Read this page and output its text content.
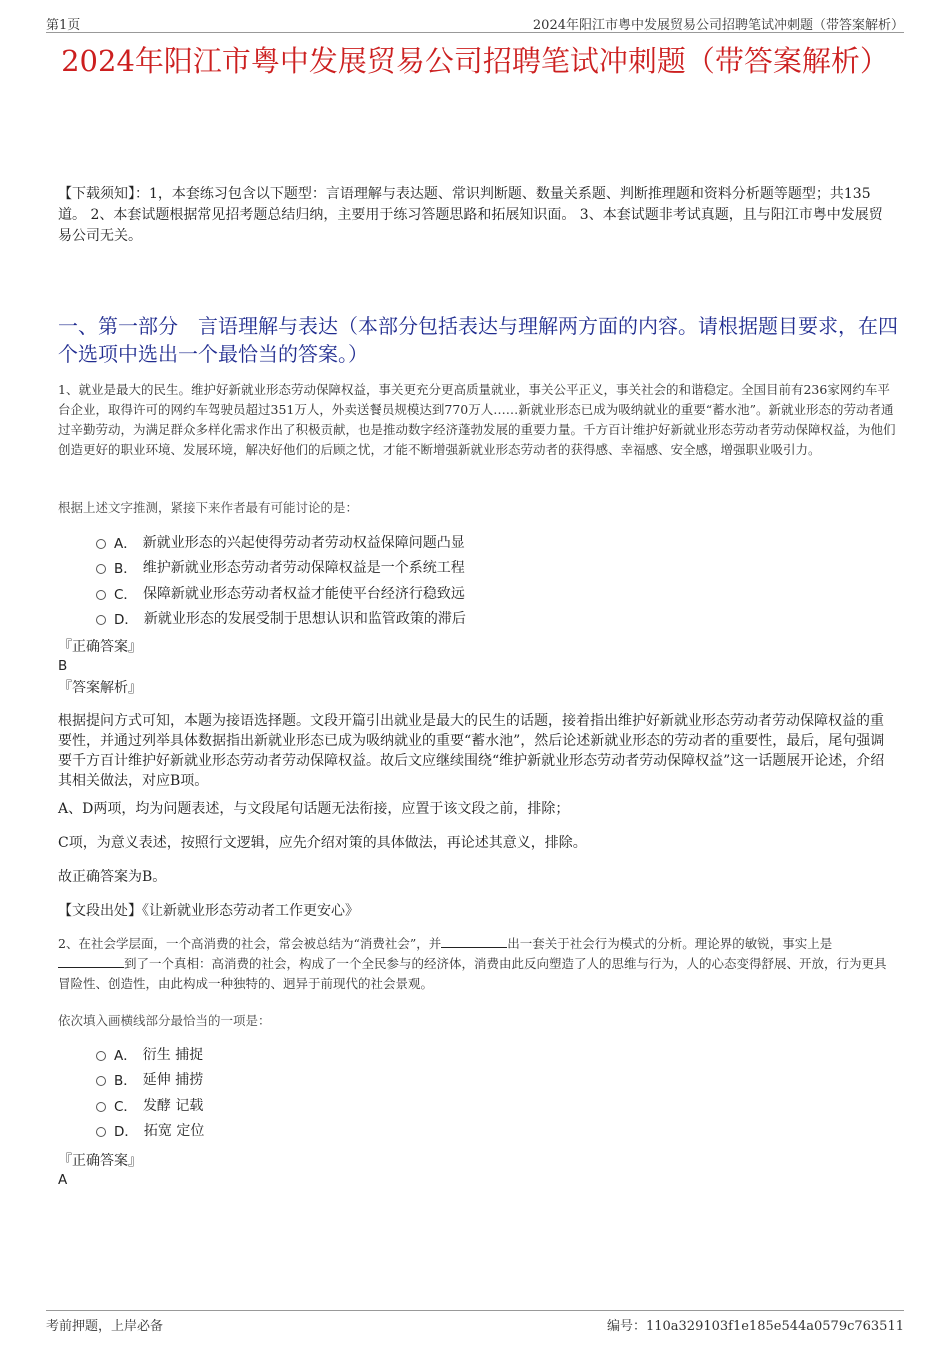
第1页	2024年阳江市粤中发展贸易公司招聘笔试冲刺题（带答案解析）
2024年阳江市粤中发展贸易公司招聘笔试冲刺题（带答案解析）
【下载须知】：1，本套练习包含以下题型：言语理解与表达题、常识判断题、数量关系题、判断推理题和资料分析题等题型；共135道。 2、本套试题根据常见招考题总结归纳，主要用于练习答题思路和拓展知识面。 3、本套试题非考试真题，且与阳江市粤中发展贸易公司无关。
一、第一部分　言语理解与表达（本部分包括表达与理解两方面的内容。请根据题目要求，在四个选项中选出一个最恰当的答案。）
1、就业是最大的民生。维护好新就业形态劳动保障权益，事关更充分更高质量就业，事关公平正义，事关社会的和谐稳定。全国目前有236家网约车平台企业，取得许可的网约车驾驶员超过351万人，外卖送餐员规模达到770万人……新就业形态已成为吸纳就业的重要“蓄水池”。新就业形态的劳动者通过辛勤劳动，为满足群众多样化需求作出了积极贡献，也是推动数字经济蓬勃发展的重要力量。千方百计维护好新就业形态劳动者劳动保障权益，为他们创造更好的职业环境、发展环境，解决好他们的后顾之忧，才能不断增强新就业形态劳动者的获得感、幸福感、安全感，增强职业吸引力。
根据上述文字推测，紧接下来作者最有可能讨论的是：
A． 新就业形态的兴起使得劳动者劳动权益保障问题凸显
B． 维护新就业形态劳动者劳动保障权益是一个系统工程
C． 保障新就业形态劳动者权益才能使平台经济行稳致远
D． 新就业形态的发展受制于思想认识和监管政策的滞后
『正确答案』
B
『答案解析』
根据提问方式可知，本题为接语选择题。文段开篇引出就业是最大的民生的话题，接着指出维护好新就业形态劳动者劳动保障权益的重要性，并通过列举具体数据指出新就业形态已成为吸纳就业的重要“蓄水池”，然后论述新就业形态的劳动者的重要性，最后，尾句强调要千方百计维护好新就业形态劳动者劳动保障权益。故后文应继续围绕“维护新就业形态劳动者劳动保障权益”这一话题展开论述，介绍其相关做法，对应B项。
A、D两项，均为问题表述，与文段尾句话题无法衔接，应置于该文段之前，排除；
C项，为意义表述，按照行文逻辑，应先介绍对策的具体做法，再论述其意义，排除。
故正确答案为B。
【文段出处】《让新就业形态劳动者工作更安心》
2、在社会学层面，一个高消费的社会，常会被总结为“消费社会”，并	出一套关于社会行为模式的分析。理论界的敏锐，事实上是到了一个真相：高消费的社会，构成了一个全民参与的经济体，消费由此反向塑造了人的思维与行为，人的心态变得舒展、开放，行为更具冒险性、创造性，由此构成一种独特的、迥异于前现代的社会景观。
依次填入画横线部分最恰当的一项是：
A． 衍生 捕捉
B． 延伸 捕捞
C． 发酵 记载
D． 拓宽 定位
『正确答案』
A
考前押题，上岸必备	编号：110a329103f1e185e544a0579c763511
